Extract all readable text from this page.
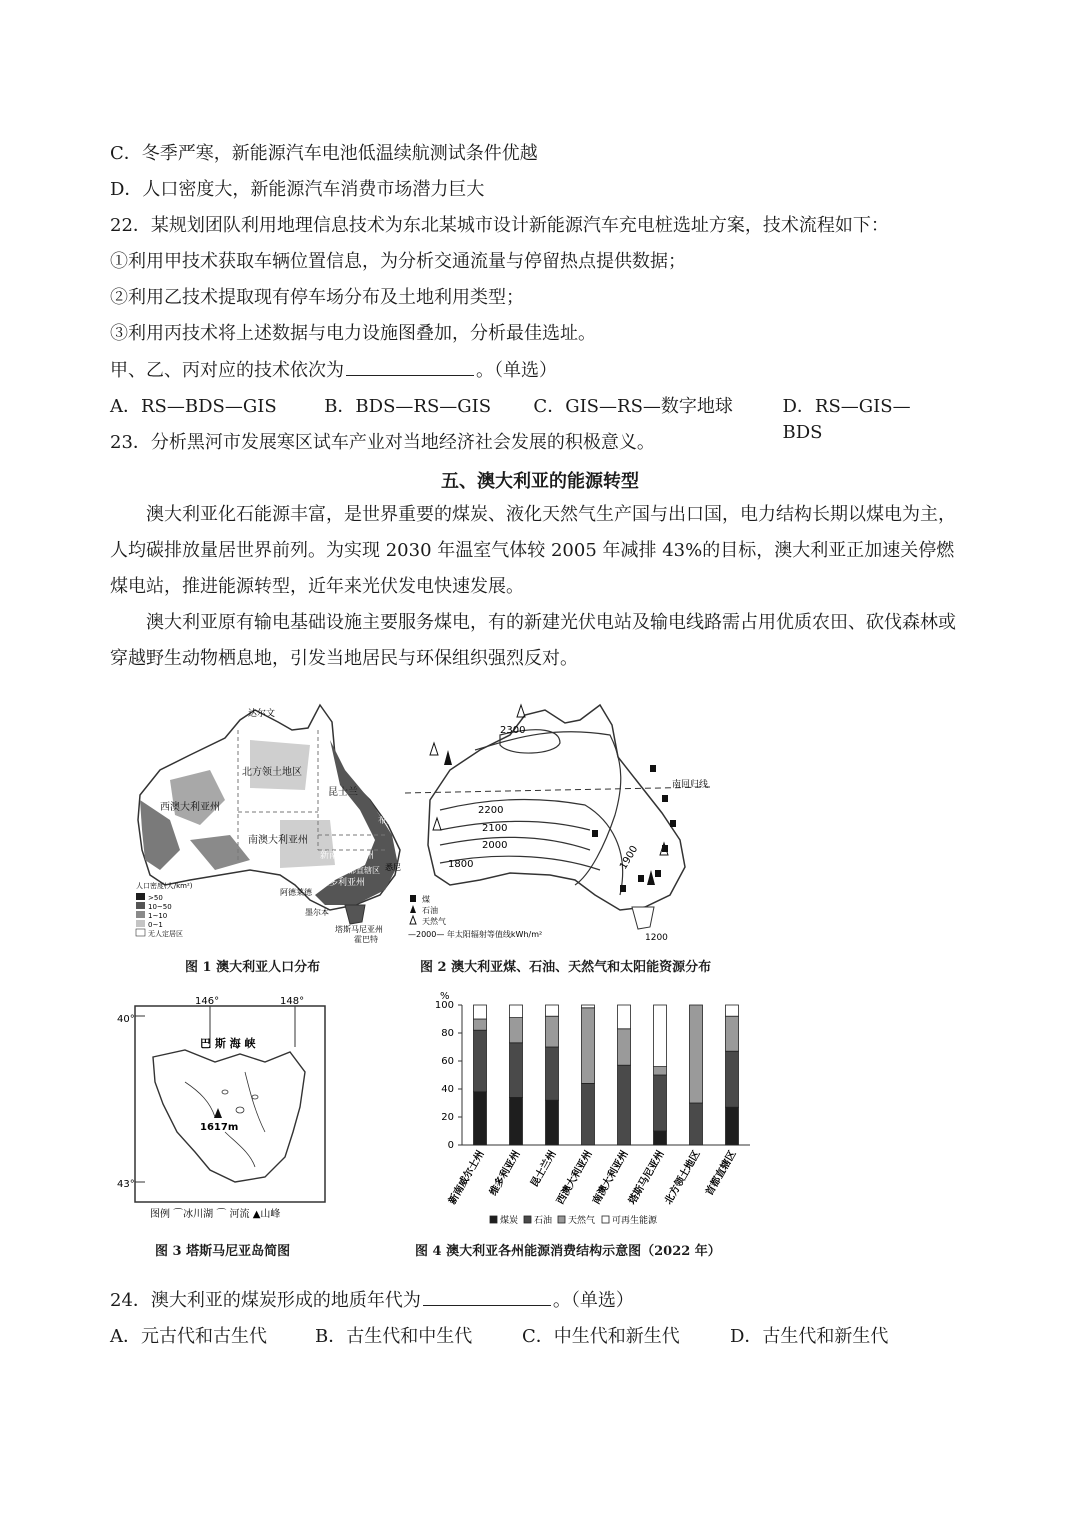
C．冬季严寒，新能源汽车电池低温续航测试条件优越
D．人口密度大，新能源汽车消费市场潜力巨大
22．某规划团队利用地理信息技术为东北某城市设计新能源汽车充电桩选址方案，技术流程如下：
①利用甲技术获取车辆位置信息，为分析交通流量与停留热点提供数据；
②利用乙技术提取现有停车场分布及土地利用类型；
③利用丙技术将上述数据与电力设施图叠加，分析最佳选址。
甲、乙、丙对应的技术依次为	。（单选）
A．RS—BDS—GIS	B．BDS—RS—GIS	C．GIS—RS—数字地球	D．RS—GIS—BDS
23．分析黑河市发展寒区试车产业对当地经济社会发展的积极意义。
五、澳大利亚的能源转型
澳大利亚化石能源丰富，是世界重要的煤炭、液化天然气生产国与出口国，电力结构长期以煤电为主，人均碳排放量居世界前列。为实现 2030 年温室气体较 2005 年减排 43%的目标，澳大利亚正加速关停燃煤电站，推进能源转型，近年来光伏发电快速发展。
澳大利亚原有输电基础设施主要服务煤电，有的新建光伏电站及输电线路需占用优质农田、砍伐森林或穿越野生动物栖息地，引发当地居民与环保组织强烈反对。
达尔文
北方领土地区
昆士兰
西澳大利亚州
南澳大利亚州
新南威尔士州
维多利亚州
塔斯马尼亚州
布里斯班
悉尼
首都直辖区
阿德莱德
墨尔本
霍巴特
人口密度(人/km²)
>50
10~50
1~10
0~1
无人定居区
图 1 澳大利亚人口分布
2300
2200
2100
2000	1900
1800
1200
南回归线
煤
石油
天然气
—2000— 年太阳辐射等值线kWh/m²
图 2 澳大利亚煤、石油、天然气和太阳能资源分布
146°	148°
40°
43°
巴 斯 海 峡
1617m
图例 ⌒冰川湖 ⌒ 河流 ▲山峰
图 3 塔斯马尼亚岛简图
%
0
20
40
60
80
100
新南威尔士州 维多利亚州 昆士兰州
西澳大利亚州
南澳大利亚州
塔斯马尼亚州
北方领土地区 首都直辖区
煤炭 石油 天然气 可再生能源
图 4 澳大利亚各州能源消费结构示意图（2022 年）
24．澳大利亚的煤炭形成的地质年代为	。（单选）
A．元古代和古生代	B．古生代和中生代	C．中生代和新生代	D．古生代和新生代
